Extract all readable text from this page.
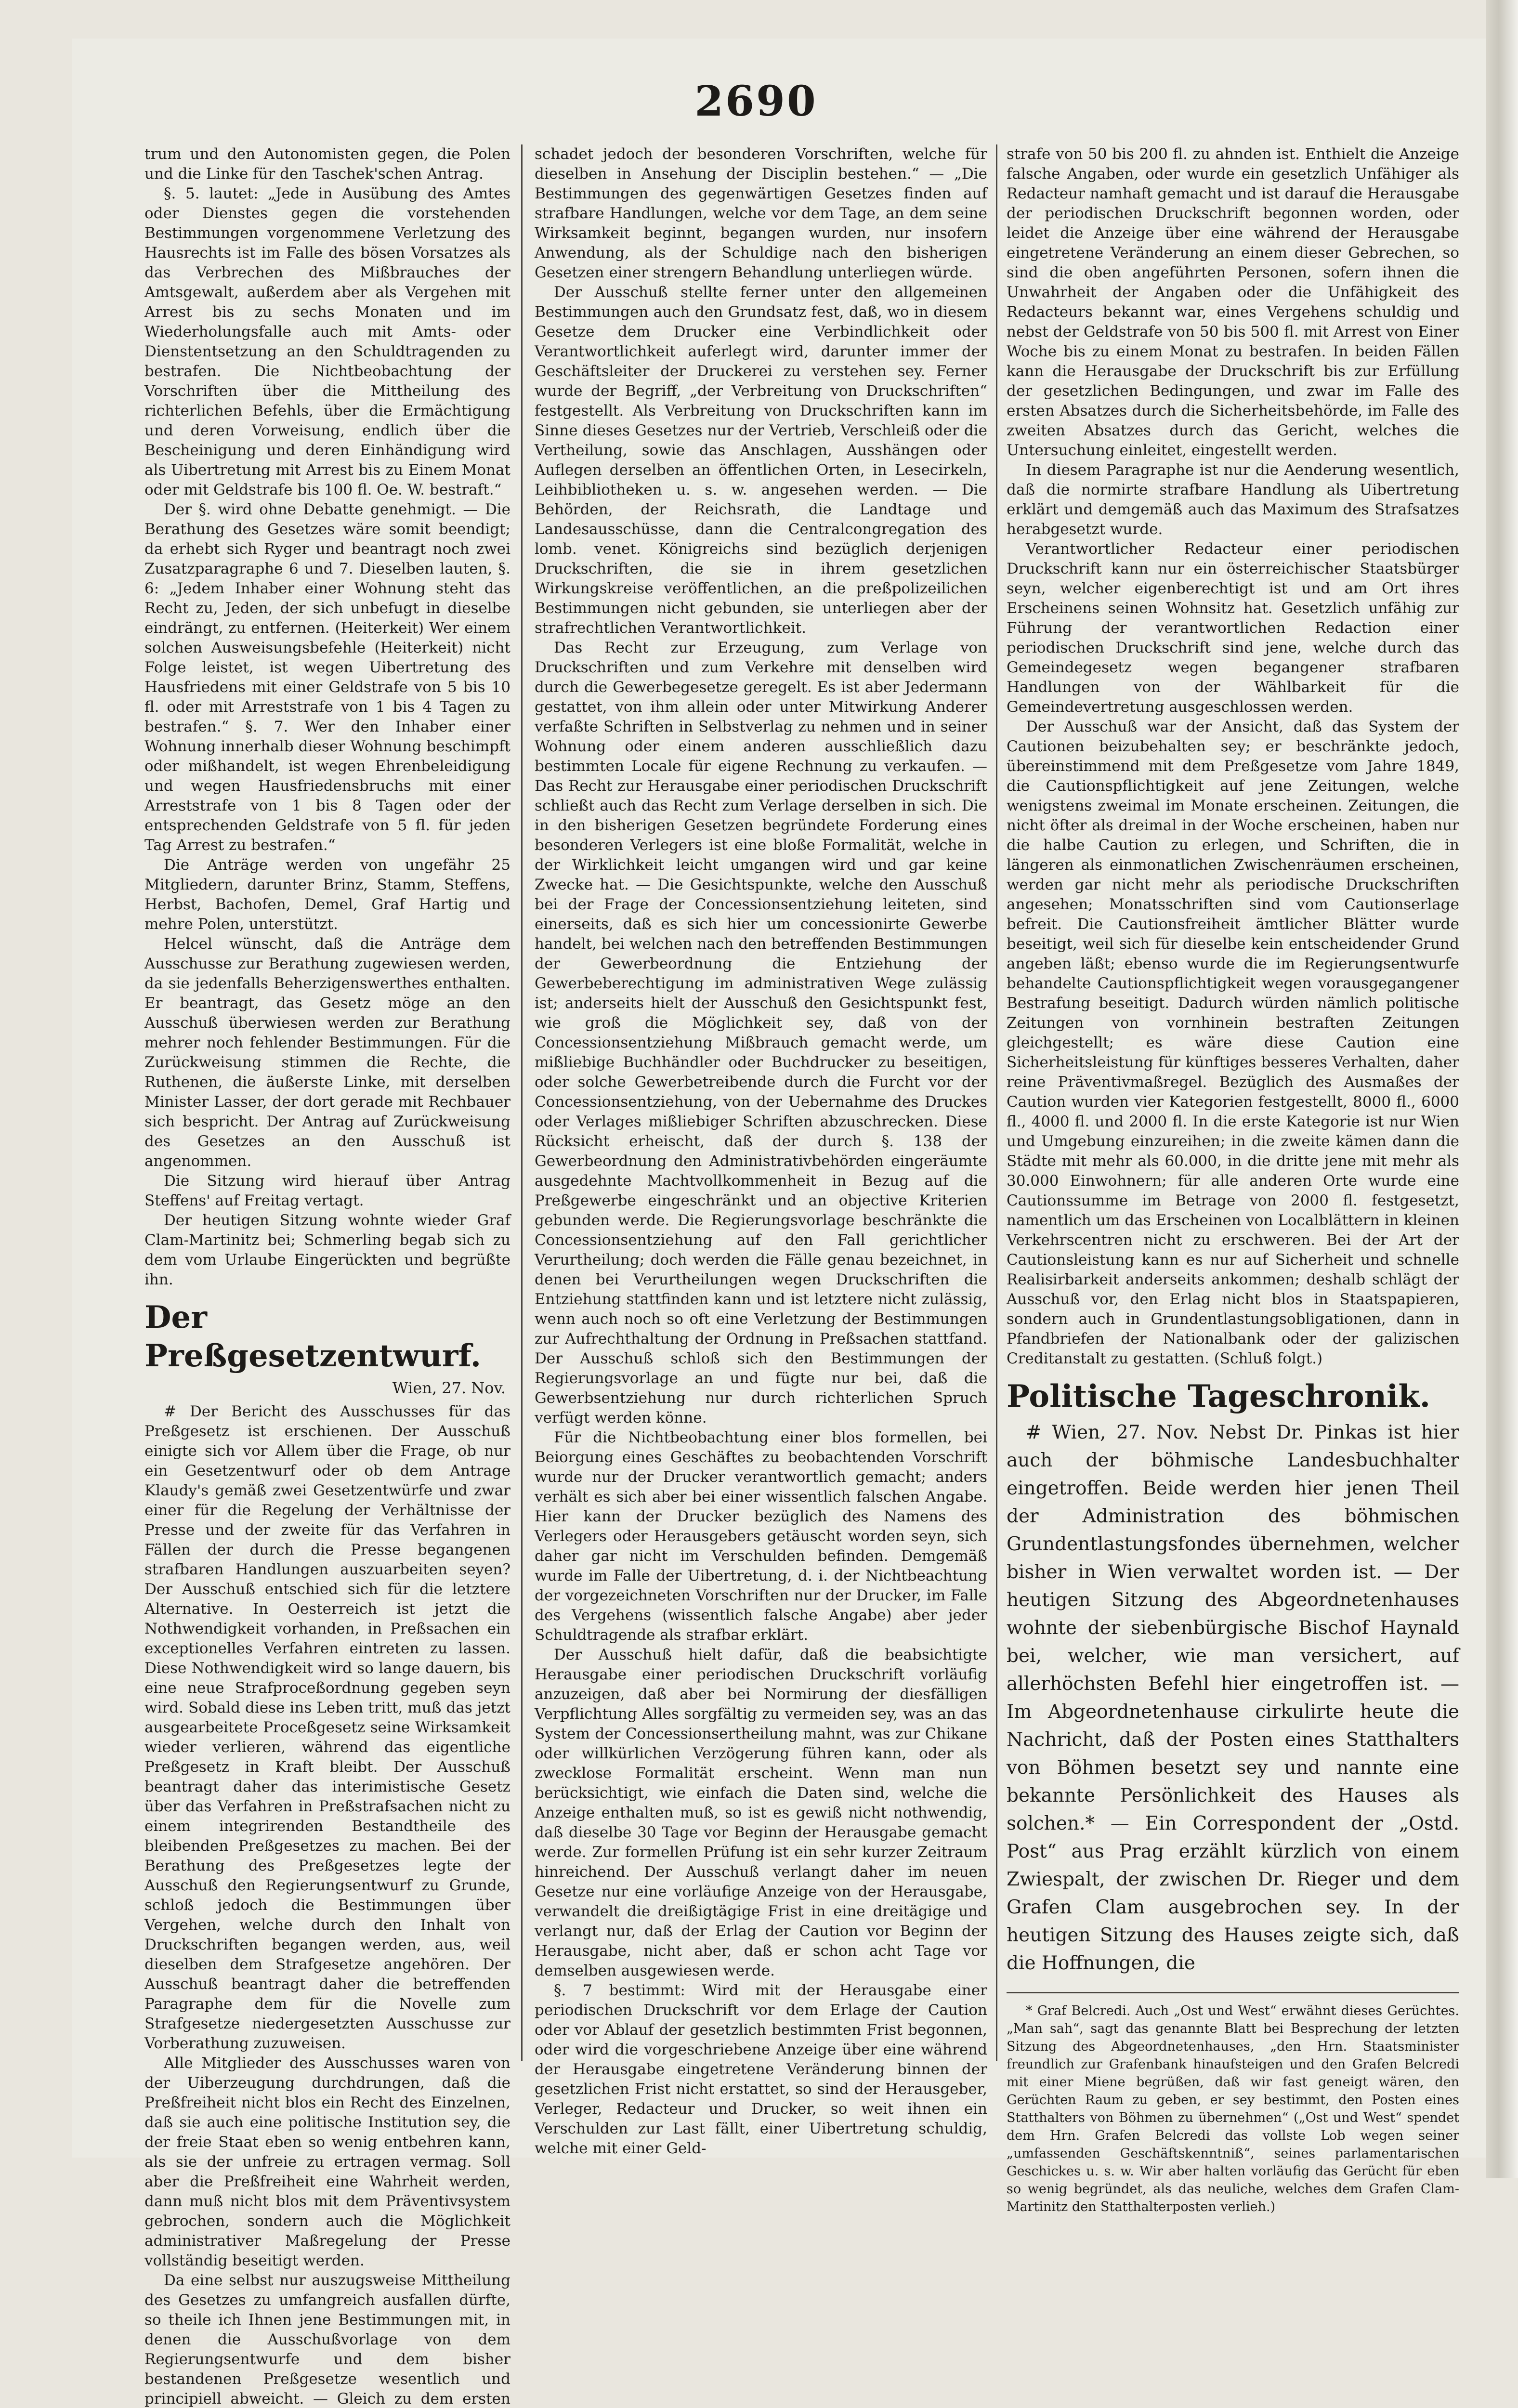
2690

trum und den Autonomisten gegen, die Polen und die Linke für den Taschek'schen Antrag.

§. 5. lautet: „Jede in Ausübung des Amtes oder Dienstes gegen die vorstehenden Bestimmungen vorgenommene Verletzung des Hausrechts ist im Falle des bösen Vorsatzes als das Verbrechen des Mißbrauches der Amtsgewalt, außerdem aber als Vergehen mit Arrest bis zu sechs Monaten und im Wiederholungsfalle auch mit Amts- oder Dienstentsetzung an den Schuldtragenden zu bestrafen. Die Nichtbeobachtung der Vorschriften über die Mittheilung des richterlichen Befehls, über die Ermächtigung und deren Vorweisung, endlich über die Bescheinigung und deren Einhändigung wird als Uibertretung mit Arrest bis zu Einem Monat oder mit Geldstrafe bis 100 fl. Oe. W. bestraft.“

Der §. wird ohne Debatte genehmigt. — Die Berathung des Gesetzes wäre somit beendigt; da erhebt sich Ryger und beantragt noch zwei Zusatzparagraphe 6 und 7. Dieselben lauten, §. 6: „Jedem Inhaber einer Wohnung steht das Recht zu, Jeden, der sich unbefugt in dieselbe eindrängt, zu entfernen. (Heiterkeit) Wer einem solchen Ausweisungsbefehle (Heiterkeit) nicht Folge leistet, ist wegen Uibertretung des Hausfriedens mit einer Geldstrafe von 5 bis 10 fl. oder mit Arreststrafe von 1 bis 4 Tagen zu bestrafen.“ §. 7. Wer den Inhaber einer Wohnung innerhalb dieser Wohnung beschimpft oder mißhandelt, ist wegen Ehrenbeleidigung und wegen Hausfriedensbruchs mit einer Arreststrafe von 1 bis 8 Tagen oder der entsprechenden Geldstrafe von 5 fl. für jeden Tag Arrest zu bestrafen.“

Die Anträge werden von ungefähr 25 Mitgliedern, darunter Brinz, Stamm, Steffens, Herbst, Bachofen, Demel, Graf Hartig und mehre Polen, unterstützt.

Helcel wünscht, daß die Anträge dem Ausschusse zur Berathung zugewiesen werden, da sie jedenfalls Beherzigenswerthes enthalten. Er beantragt, das Gesetz möge an den Ausschuß überwiesen werden zur Berathung mehrer noch fehlender Bestimmungen. Für die Zurückweisung stimmen die Rechte, die Ruthenen, die äußerste Linke, mit derselben Minister Lasser, der dort gerade mit Rechbauer sich bespricht. Der Antrag auf Zurückweisung des Gesetzes an den Ausschuß ist angenommen.

Die Sitzung wird hierauf über Antrag Steffens' auf Freitag vertagt.

Der heutigen Sitzung wohnte wieder Graf Clam-Martinitz bei; Schmerling begab sich zu dem vom Urlaube Eingerückten und begrüßte ihn.

Der Preßgesetzentwurf.
Wien, 27. Nov.

# Der Bericht des Ausschusses für das Preßgesetz ist erschienen. Der Ausschuß einigte sich vor Allem über die Frage, ob nur ein Gesetzentwurf oder ob dem Antrage Klaudy's gemäß zwei Gesetzentwürfe und zwar einer für die Regelung der Verhältnisse der Presse und der zweite für das Verfahren in Fällen der durch die Presse begangenen strafbaren Handlungen auszuarbeiten seyen? Der Ausschuß entschied sich für die letztere Alternative. In Oesterreich ist jetzt die Nothwendigkeit vorhanden, in Preßsachen ein exceptionelles Verfahren eintreten zu lassen. Diese Nothwendigkeit wird so lange dauern, bis eine neue Strafproceßordnung gegeben seyn wird. Sobald diese ins Leben tritt, muß das jetzt ausgearbeitete Proceßgesetz seine Wirksamkeit wieder verlieren, während das eigentliche Preßgesetz in Kraft bleibt. Der Ausschuß beantragt daher das interimistische Gesetz über das Verfahren in Preßstrafsachen nicht zu einem integrirenden Bestandtheile des bleibenden Preßgesetzes zu machen. Bei der Berathung des Preßgesetzes legte der Ausschuß den Regierungsentwurf zu Grunde, schloß jedoch die Bestimmungen über Vergehen, welche durch den Inhalt von Druckschriften begangen werden, aus, weil dieselben dem Strafgesetze angehören. Der Ausschuß beantragt daher die betreffenden Paragraphe dem für die Novelle zum Strafgesetze niedergesetzten Ausschusse zur Vorberathung zuzuweisen.

Alle Mitglieder des Ausschusses waren von der Uiberzeugung durchdrungen, daß die Preßfreiheit nicht blos ein Recht des Einzelnen, daß sie auch eine politische Institution sey, die der freie Staat eben so wenig entbehren kann, als sie der unfreie zu ertragen vermag. Soll aber die Preßfreiheit eine Wahrheit werden, dann muß nicht blos mit dem Präventivsystem gebrochen, sondern auch die Möglichkeit administrativer Maßregelung der Presse vollständig beseitigt werden.

Da eine selbst nur auszugsweise Mittheilung des Gesetzes zu umfangreich ausfallen dürfte, so theile ich Ihnen jene Bestimmungen mit, in denen die Ausschußvorlage von dem Regierungsentwurfe und dem bisher bestandenen Preßgesetze wesentlich und principiell abweicht. — Gleich zu dem ersten

schadet jedoch der besonderen Vorschriften, welche für dieselben in Ansehung der Disciplin bestehen.“ — „Die Bestimmungen des gegenwärtigen Gesetzes finden auf strafbare Handlungen, welche vor dem Tage, an dem seine Wirksamkeit beginnt, begangen wurden, nur insofern Anwendung, als der Schuldige nach den bisherigen Gesetzen einer strengern Behandlung unterliegen würde.

Der Ausschuß stellte ferner unter den allgemeinen Bestimmungen auch den Grundsatz fest, daß, wo in diesem Gesetze dem Drucker eine Verbindlichkeit oder Verantwortlichkeit auferlegt wird, darunter immer der Geschäftsleiter der Druckerei zu verstehen sey. Ferner wurde der Begriff, „der Verbreitung von Druckschriften“ festgestellt. Als Verbreitung von Druckschriften kann im Sinne dieses Gesetzes nur der Vertrieb, Verschleiß oder die Vertheilung, sowie das Anschlagen, Ausshängen oder Auflegen derselben an öffentlichen Orten, in Lesecirkeln, Leihbibliotheken u. s. w. angesehen werden. — Die Behörden, der Reichsrath, die Landtage und Landesausschüsse, dann die Centralcongregation des lomb. venet. Königreichs sind bezüglich derjenigen Druckschriften, die sie in ihrem gesetzlichen Wirkungskreise veröffentlichen, an die preßpolizeilichen Bestimmungen nicht gebunden, sie unterliegen aber der strafrechtlichen Verantwortlichkeit.

Das Recht zur Erzeugung, zum Verlage von Druckschriften und zum Verkehre mit denselben wird durch die Gewerbegesetze geregelt. Es ist aber Jedermann gestattet, von ihm allein oder unter Mitwirkung Anderer verfaßte Schriften in Selbstverlag zu nehmen und in seiner Wohnung oder einem anderen ausschließlich dazu bestimmten Locale für eigene Rechnung zu verkaufen. — Das Recht zur Herausgabe einer periodischen Druckschrift schließt auch das Recht zum Verlage derselben in sich. Die in den bisherigen Gesetzen begründete Forderung eines besonderen Verlegers ist eine bloße Formalität, welche in der Wirklichkeit leicht umgangen wird und gar keine Zwecke hat. — Die Gesichtspunkte, welche den Ausschuß bei der Frage der Concessionsentziehung leiteten, sind einerseits, daß es sich hier um concessionirte Gewerbe handelt, bei welchen nach den betreffenden Bestimmungen der Gewerbeordnung die Entziehung der Gewerbeberechtigung im administrativen Wege zulässig ist; anderseits hielt der Ausschuß den Gesichtspunkt fest, wie groß die Möglichkeit sey, daß von der Concessionsentziehung Mißbrauch gemacht werde, um mißliebige Buchhändler oder Buchdrucker zu beseitigen, oder solche Gewerbetreibende durch die Furcht vor der Concessionsentziehung, von der Uebernahme des Druckes oder Verlages mißliebiger Schriften abzuschrecken. Diese Rücksicht erheischt, daß der durch §. 138 der Gewerbeordnung den Administrativbehörden eingeräumte ausgedehnte Machtvollkommenheit in Bezug auf die Preßgewerbe eingeschränkt und an objective Kriterien gebunden werde. Die Regierungsvorlage beschränkte die Concessionsentziehung auf den Fall gerichtlicher Verurtheilung; doch werden die Fälle genau bezeichnet, in denen bei Verurtheilungen wegen Druckschriften die Entziehung stattfinden kann und ist letztere nicht zulässig, wenn auch noch so oft eine Verletzung der Bestimmungen zur Aufrechthaltung der Ordnung in Preßsachen stattfand. Der Ausschuß schloß sich den Bestimmungen der Regierungsvorlage an und fügte nur bei, daß die Gewerbsentziehung nur durch richterlichen Spruch verfügt werden könne.

Für die Nichtbeobachtung einer blos formellen, bei Beiorgung eines Geschäftes zu beobachtenden Vorschrift wurde nur der Drucker verantwortlich gemacht; anders verhält es sich aber bei einer wissentlich falschen Angabe. Hier kann der Drucker bezüglich des Namens des Verlegers oder Herausgebers getäuscht worden seyn, sich daher gar nicht im Verschulden befinden. Demgemäß wurde im Falle der Uibertretung, d. i. der Nichtbeachtung der vorgezeichneten Vorschriften nur der Drucker, im Falle des Vergehens (wissentlich falsche Angabe) aber jeder Schuldtragende als strafbar erklärt.

Der Ausschuß hielt dafür, daß die beabsichtigte Herausgabe einer periodischen Druckschrift vorläufig anzuzeigen, daß aber bei Normirung der diesfälligen Verpflichtung Alles sorgfältig zu vermeiden sey, was an das System der Concessionsertheilung mahnt, was zur Chikane oder willkürlichen Verzögerung führen kann, oder als zwecklose Formalität erscheint. Wenn man nun berücksichtigt, wie einfach die Daten sind, welche die Anzeige enthalten muß, so ist es gewiß nicht nothwendig, daß dieselbe 30 Tage vor Beginn der Herausgabe gemacht werde. Zur formellen Prüfung ist ein sehr kurzer Zeitraum hinreichend. Der Ausschuß verlangt daher im neuen Gesetze nur eine vorläufige Anzeige von der Herausgabe, verwandelt die dreißigtägige Frist in eine dreitägige und verlangt nur, daß der Erlag der Caution vor Beginn der Herausgabe, nicht aber, daß er schon acht Tage vor demselben ausgewiesen werde.

§. 7 bestimmt: Wird mit der Herausgabe einer periodischen Druckschrift vor dem Erlage der Caution oder vor Ablauf der gesetzlich bestimmten Frist begonnen, oder wird die vorgeschriebene Anzeige über eine während der Herausgabe eingetretene Veränderung binnen der gesetzlichen Frist nicht erstattet, so sind der Herausgeber, Verleger, Redacteur und Drucker, so weit ihnen ein Verschulden zur Last fällt, einer Uibertretung schuldig, welche mit einer Geld-

strafe von 50 bis 200 fl. zu ahnden ist. Enthielt die Anzeige falsche Angaben, oder wurde ein gesetzlich Unfähiger als Redacteur namhaft gemacht und ist darauf die Herausgabe der periodischen Druckschrift begonnen worden, oder leidet die Anzeige über eine während der Herausgabe eingetretene Veränderung an einem dieser Gebrechen, so sind die oben angeführten Personen, sofern ihnen die Unwahrheit der Angaben oder die Unfähigkeit des Redacteurs bekannt war, eines Vergehens schuldig und nebst der Geldstrafe von 50 bis 500 fl. mit Arrest von Einer Woche bis zu einem Monat zu bestrafen. In beiden Fällen kann die Herausgabe der Druckschrift bis zur Erfüllung der gesetzlichen Bedingungen, und zwar im Falle des ersten Absatzes durch die Sicherheitsbehörde, im Falle des zweiten Absatzes durch das Gericht, welches die Untersuchung einleitet, eingestellt werden.

In diesem Paragraphe ist nur die Aenderung wesentlich, daß die normirte strafbare Handlung als Uibertretung erklärt und demgemäß auch das Maximum des Strafsatzes herabgesetzt wurde.

Verantwortlicher Redacteur einer periodischen Druckschrift kann nur ein österreichischer Staatsbürger seyn, welcher eigenberechtigt ist und am Ort ihres Erscheinens seinen Wohnsitz hat. Gesetzlich unfähig zur Führung der verantwortlichen Redaction einer periodischen Druckschrift sind jene, welche durch das Gemeindegesetz wegen begangener strafbaren Handlungen von der Wählbarkeit für die Gemeindevertretung ausgeschlossen werden.

Der Ausschuß war der Ansicht, daß das System der Cautionen beizubehalten sey; er beschränkte jedoch, übereinstimmend mit dem Preßgesetze vom Jahre 1849, die Cautionspflichtigkeit auf jene Zeitungen, welche wenigstens zweimal im Monate erscheinen. Zeitungen, die nicht öfter als dreimal in der Woche erscheinen, haben nur die halbe Caution zu erlegen, und Schriften, die in längeren als einmonatlichen Zwischenräumen erscheinen, werden gar nicht mehr als periodische Druckschriften angesehen; Monatsschriften sind vom Cautionserlage befreit. Die Cautionsfreiheit ämtlicher Blätter wurde beseitigt, weil sich für dieselbe kein entscheidender Grund angeben läßt; ebenso wurde die im Regierungsentwurfe behandelte Cautionspflichtigkeit wegen vorausgegangener Bestrafung beseitigt. Dadurch würden nämlich politische Zeitungen von vornhinein bestraften Zeitungen gleichgestellt; es wäre diese Caution eine Sicherheitsleistung für künftiges besseres Verhalten, daher reine Präventivmaßregel. Bezüglich des Ausmaßes der Caution wurden vier Kategorien festgestellt, 8000 fl., 6000 fl., 4000 fl. und 2000 fl. In die erste Kategorie ist nur Wien und Umgebung einzureihen; in die zweite kämen dann die Städte mit mehr als 60.000, in die dritte jene mit mehr als 30.000 Einwohnern; für alle anderen Orte wurde eine Cautionssumme im Betrage von 2000 fl. festgesetzt, namentlich um das Erscheinen von Localblättern in kleinen Verkehrscentren nicht zu erschweren. Bei der Art der Cautionsleistung kann es nur auf Sicherheit und schnelle Realisirbarkeit anderseits ankommen; deshalb schlägt der Ausschuß vor, den Erlag nicht blos in Staatspapieren, sondern auch in Grundentlastungsobligationen, dann in Pfandbriefen der Nationalbank oder der galizischen Creditanstalt zu gestatten. (Schluß folgt.)

Politische Tageschronik.

# Wien, 27. Nov. Nebst Dr. Pinkas ist hier auch der böhmische Landesbuchhalter eingetroffen. Beide werden hier jenen Theil der Administration des böhmischen Grundentlastungsfondes übernehmen, welcher bisher in Wien verwaltet worden ist. — Der heutigen Sitzung des Abgeordnetenhauses wohnte der siebenbürgische Bischof Haynald bei, welcher, wie man versichert, auf allerhöchsten Befehl hier eingetroffen ist. — Im Abgeordnetenhause cirkulirte heute die Nachricht, daß der Posten eines Statthalters von Böhmen besetzt sey und nannte eine bekannte Persönlichkeit des Hauses als solchen.* — Ein Correspondent der „Ostd. Post“ aus Prag erzählt kürzlich von einem Zwiespalt, der zwischen Dr. Rieger und dem Grafen Clam ausgebrochen sey. In der heutigen Sitzung des Hauses zeigte sich, daß die Hoffnungen, die

* Graf Belcredi. Auch „Ost und West“ erwähnt dieses Gerüchtes. „Man sah“, sagt das genannte Blatt bei Besprechung der letzten Sitzung des Abgeordnetenhauses, „den Hrn. Staatsminister freundlich zur Grafenbank hinaufsteigen und den Grafen Belcredi mit einer Miene begrüßen, daß wir fast geneigt wären, den Gerüchten Raum zu geben, er sey bestimmt, den Posten eines Statthalters von Böhmen zu übernehmen“ („Ost und West“ spendet dem Hrn. Grafen Belcredi das vollste Lob wegen seiner „umfassenden Geschäftskenntniß“, seines parlamentarischen Geschickes u. s. w. Wir aber halten vorläufig das Gerücht für eben so wenig begründet, als das neuliche, welches dem Grafen Clam-Martinitz den Statthalterposten verlieh.)
